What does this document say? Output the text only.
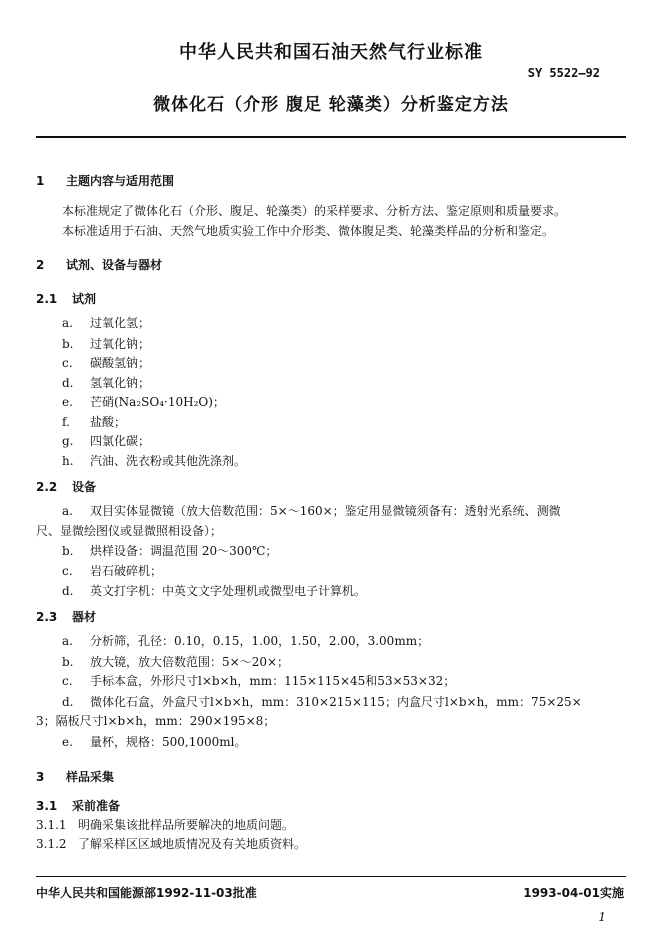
中华人民共和国石油天然气行业标准
SY 5522—92
微体化石（介形 腹足 轮藻类）分析鉴定方法
1 主题内容与适用范围
本标准规定了微体化石（介形、腹足、轮藻类）的采样要求、分析方法、鉴定原则和质量要求。
本标准适用于石油、天然气地质实验工作中介形类、微体腹足类、轮藻类样品的分析和鉴定。
2 试剂、设备与器材
2.1 试剂
a. 过氧化氢；
b. 过氧化钠；
c. 碳酸氢钠；
d. 氢氧化钠；
e. 芒硝(Na₂SO₄·10H₂O)；
f. 盐酸；
g. 四氯化碳；
h. 汽油、洗衣粉或其他洗涤剂。
2.2 设备
a. 双目实体显微镜（放大倍数范围：5×～160×；鉴定用显微镜须备有：透射光系统、测微
尺、显微绘图仪或显微照相设备）；
b. 烘样设备：调温范围 20～300℃；
c. 岩石破碎机；
d. 英文打字机：中英文文字处理机或微型电子计算机。
2.3 器材
a. 分析筛，孔径：0.10，0.15，1.00，1.50，2.00，3.00mm；
b. 放大镜，放大倍数范围：5×～20×；
c. 手标本盒，外形尺寸l×b×h，mm：115×115×45和53×53×32；
d. 微体化石盒，外盒尺寸l×b×h，mm：310×215×115；内盒尺寸l×b×h，mm：75×25×
3；隔板尺寸l×b×h，mm：290×195×8；
e. 量杯，规格：500,1000ml。
3 样品采集
3.1 采前准备
3.1.1 明确采集该批样品所要解决的地质问题。
3.1.2 了解采样区区域地质情况及有关地质资料。
中华人民共和国能源部1992-11-03批准	1993-04-01实施
1
